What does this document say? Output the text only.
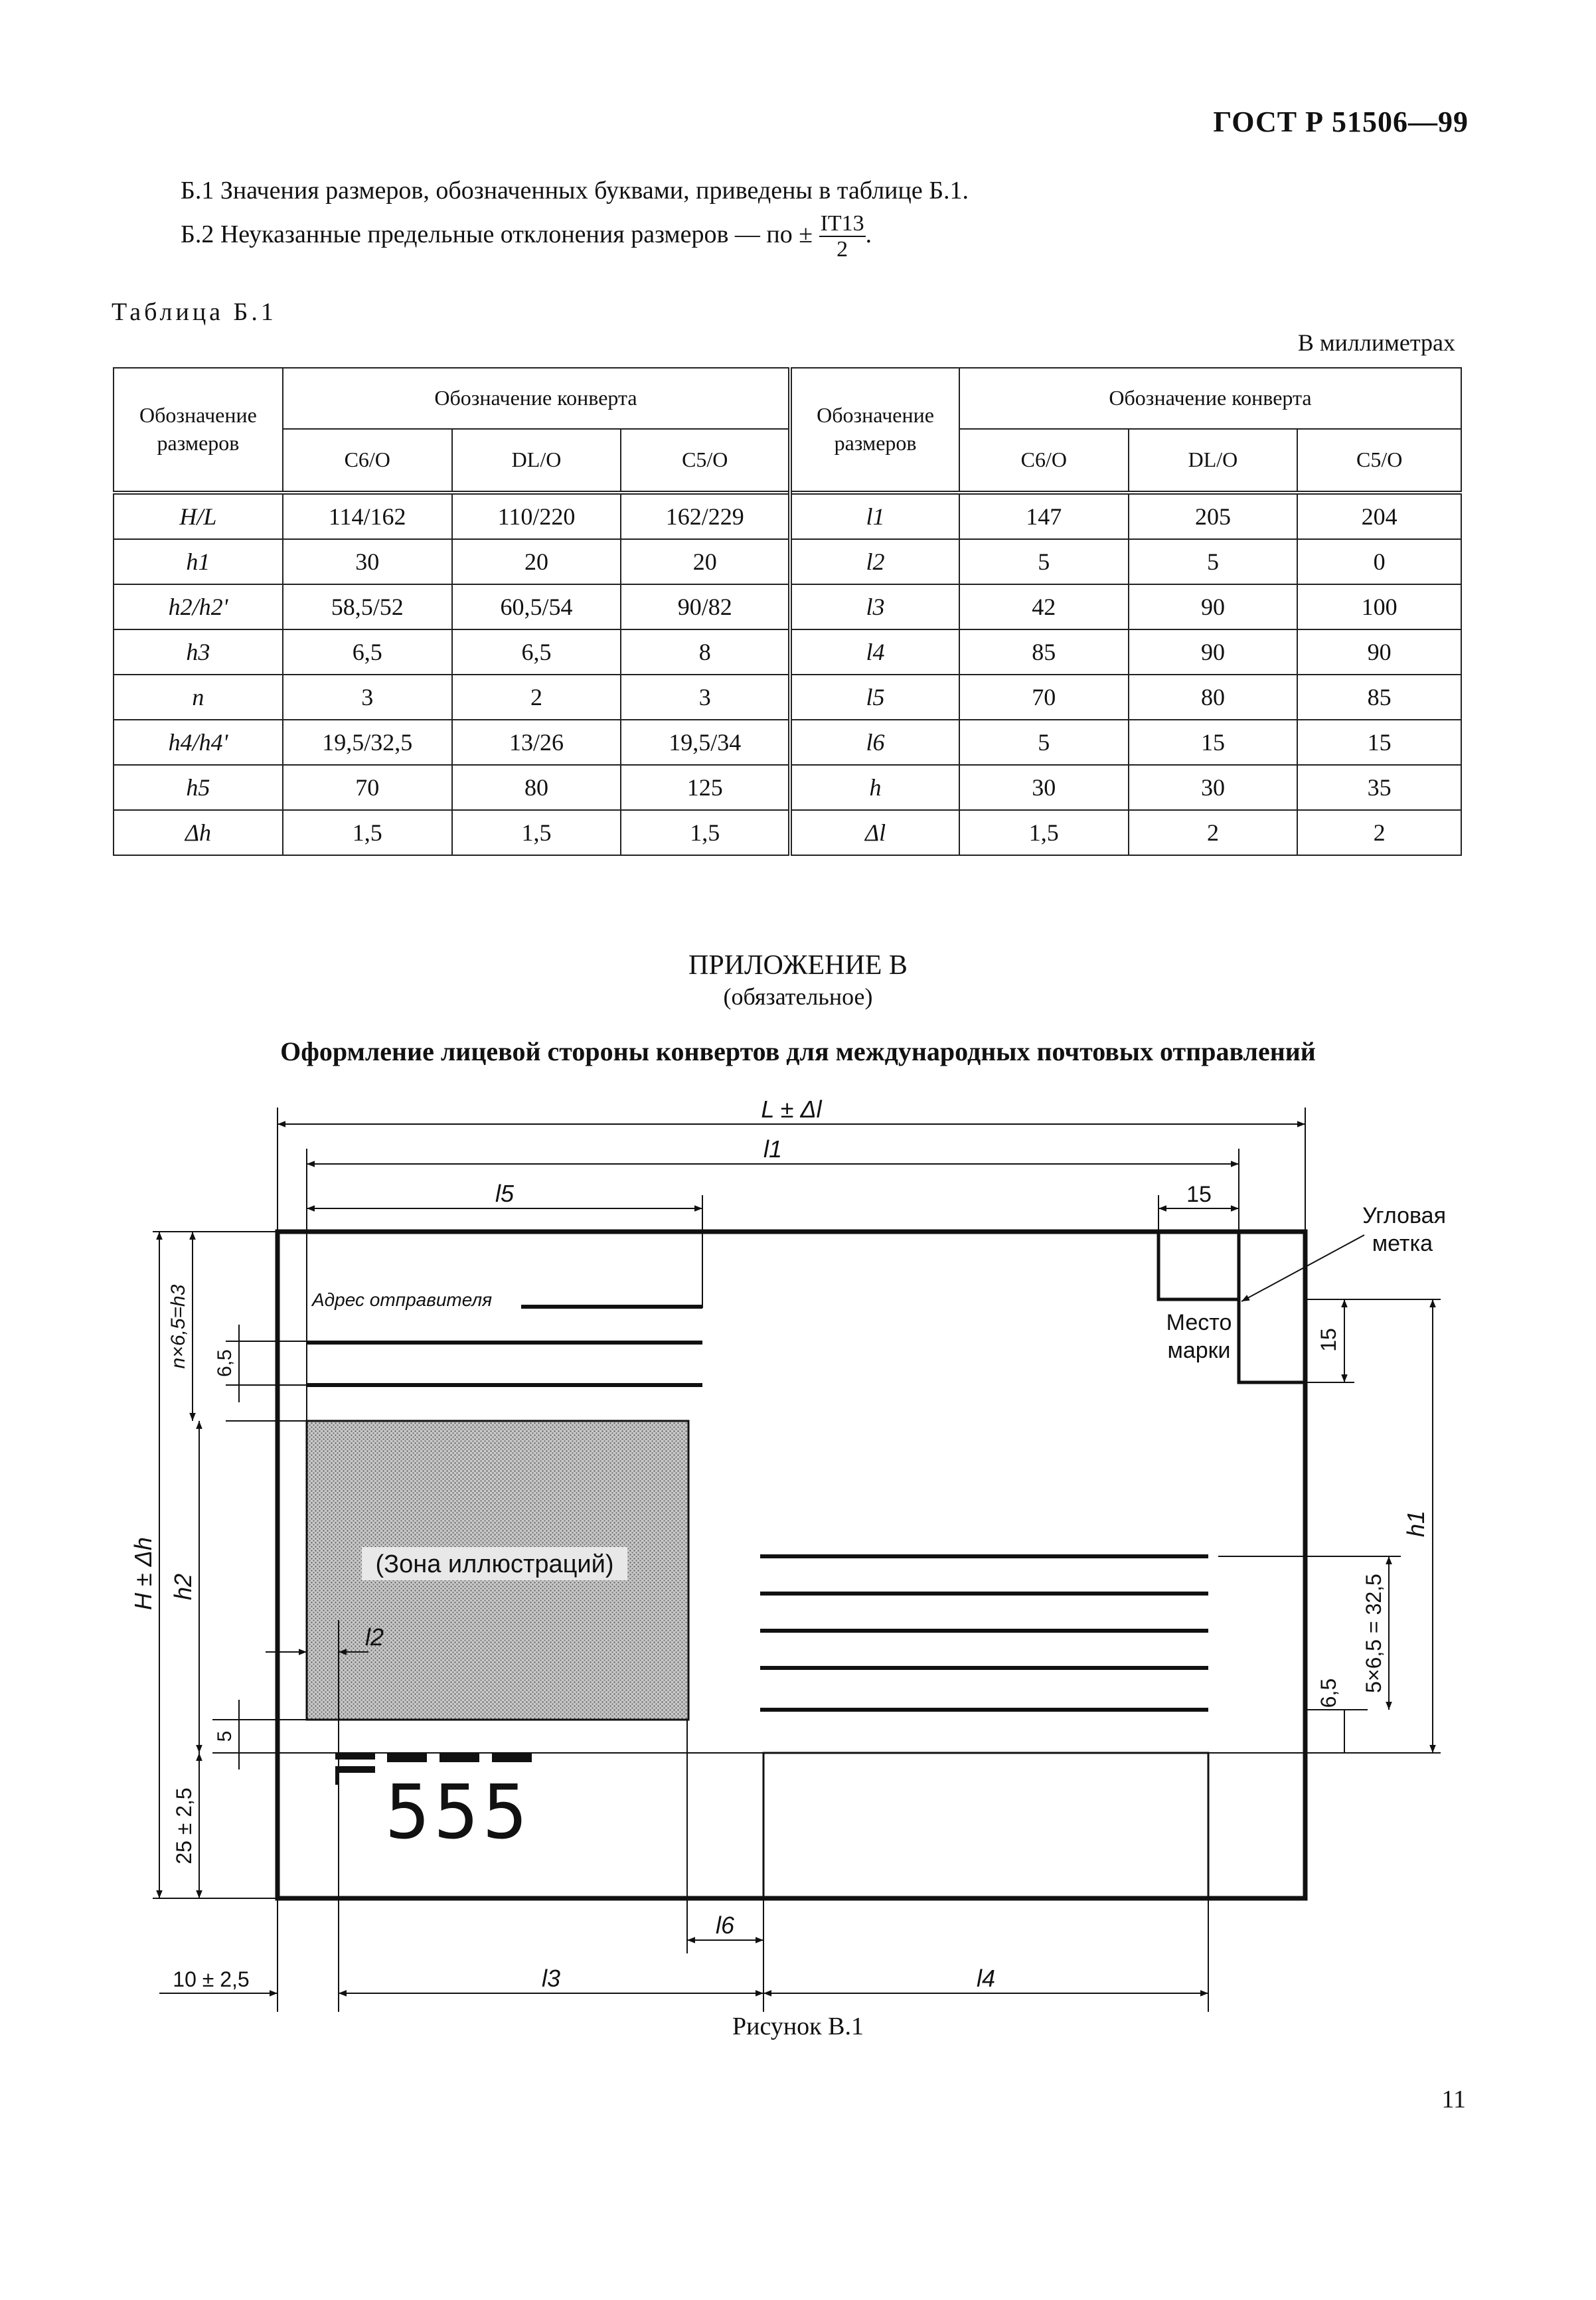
ГОСТ Р 51506—99
Б.1 Значения размеров, обозначенных буквами, приведены в таблице Б.1.
Б.2 Неуказанные предельные отклонения размеров — по ± $\frac{IT13}{2}$ .
Таблица Б.1
В миллиметрах
Обозначение размеров	Обозначение конверта			Обозначение размеров	Обозначение конверта		
	C6/O	DL/O	C5/O		C6/O	DL/O	C5/O
H/L	114/162	110/220	162/229	l1	147	205	204
h1	30	20	20	l2	5	5	0
h2/h2'	58,5/52	60,5/54	90/82	l3	42	90	100
h3	6,5	6,5	8	l4	85	90	90
n	3	2	3	l5	70	80	85
h4/h4'	19,5/32,5	13/26	19,5/34	l6	5	15	15
h5	70	80	125	h	30	30	35
Δh	1,5	1,5	1,5	Δl	1,5	2	2
ПРИЛОЖЕНИЕ В
(обязательное)
Оформление лицевой стороны конвертов для международных почтовых отправлений
L ± Δl
l1
l5	15
Угловая
метка
Место
марки	15
h1
5×6,5 = 32,5
6,5
Адрес отправителя
(Зона иллюстраций)
n×6,5=h3 6,5
H ± Δh h2
5
25 ± 2,5
l2
555
l6
10 ± 2,5	l3	l4
Рисунок В.1
11
